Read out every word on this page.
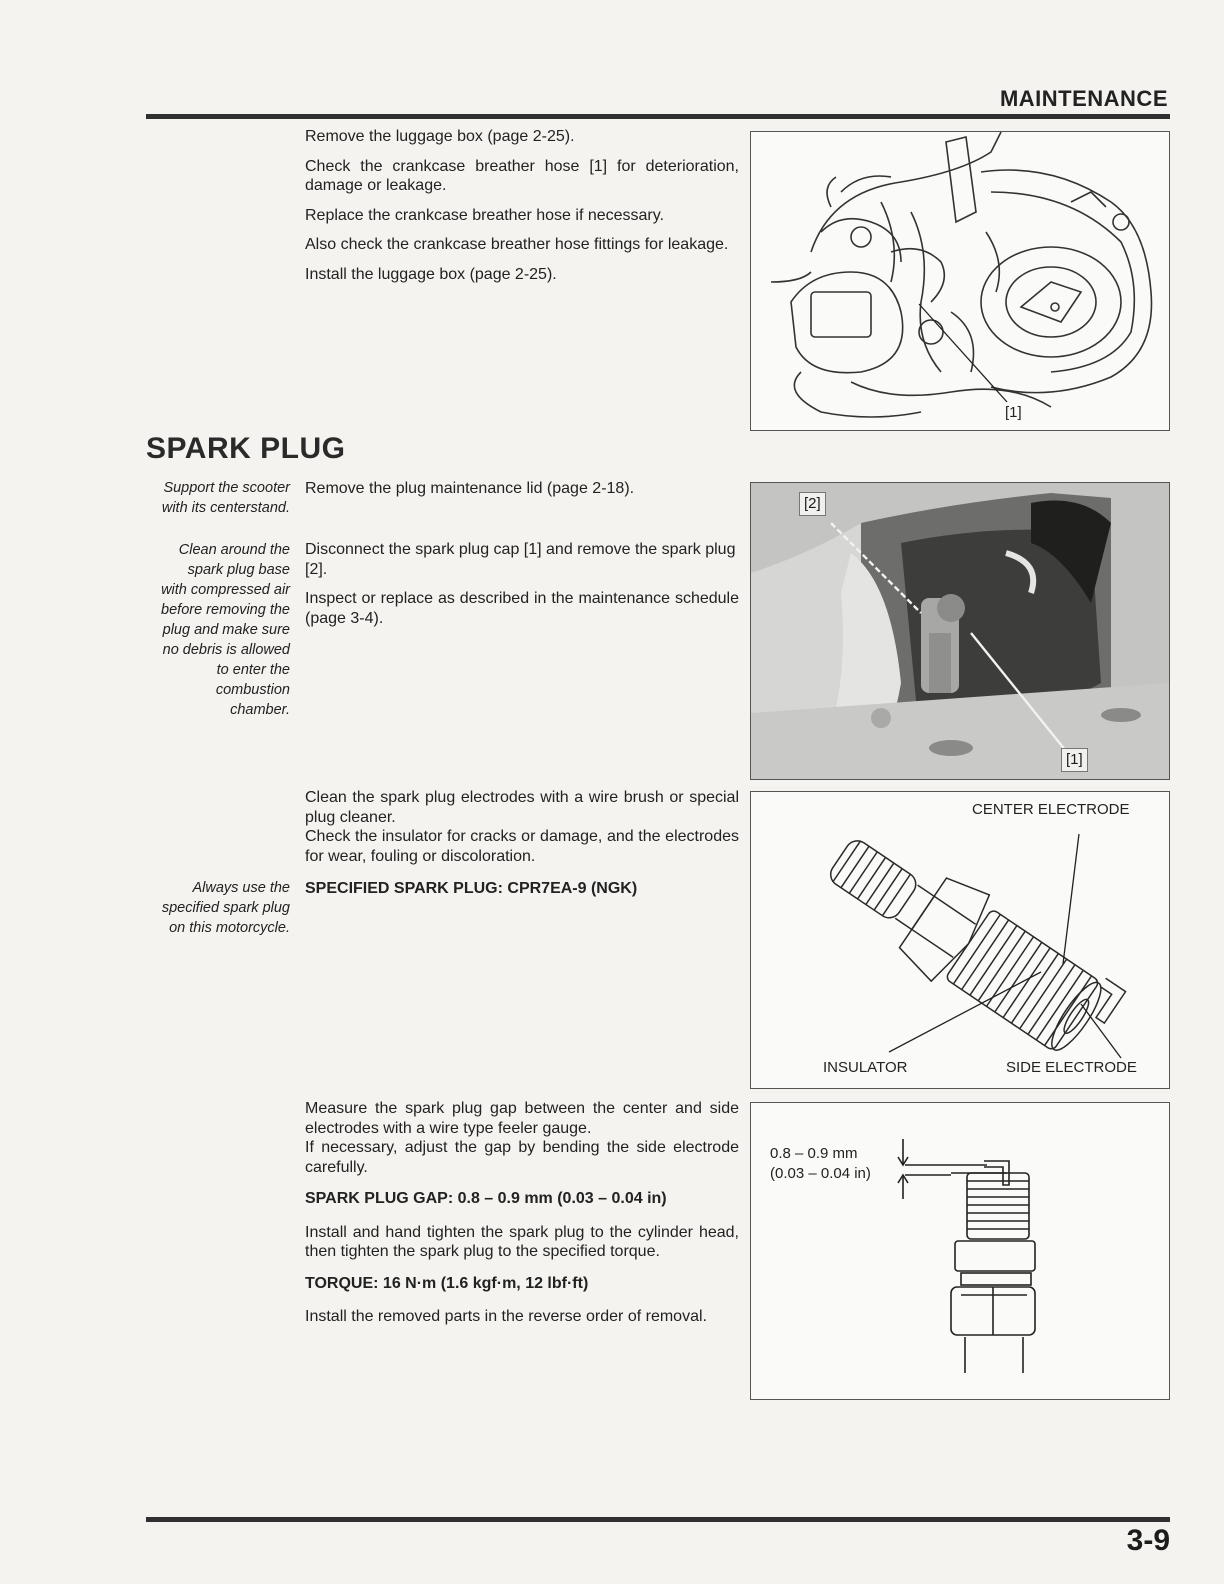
MAINTENANCE

Remove the luggage box (page 2-25).

Check the crankcase breather hose [1] for deterioration, damage or leakage.

Replace the crankcase breather hose if necessary.

Also check the crankcase breather hose fittings for leakage.

Install the luggage box (page 2-25).

[1]
SPARK PLUG
Support the scooter
with its centerstand.

Remove the plug maintenance lid (page 2-18).

Clean around the
spark plug base
with compressed air
before removing the
plug and make sure
no debris is allowed
to enter the
combustion
chamber.

Disconnect the spark plug cap [1] and remove the spark plug [2].

Inspect or replace as described in the maintenance schedule (page 3-4).

[2]
[1]

Clean the spark plug electrodes with a wire brush or special plug cleaner.

Check the insulator for cracks or damage, and the electrodes for wear, fouling or discoloration.

Always use the
specified spark plug
on this motorcycle.
SPECIFIED SPARK PLUG: CPR7EA-9 (NGK)
CENTER ELECTRODE
INSULATOR	SIDE ELECTRODE

Measure the spark plug gap between the center and side electrodes with a wire type feeler gauge.

If necessary, adjust the gap by bending the side electrode carefully.

SPARK PLUG GAP: 0.8 – 0.9 mm (0.03 – 0.04 in)

Install and hand tighten the spark plug to the cylinder head, then tighten the spark plug to the specified torque.

TORQUE: 16 N·m (1.6 kgf·m, 12 lbf·ft)

Install the removed parts in the reverse order of removal.

0.8 – 0.9 mm
(0.03 – 0.04 in)
3-9
